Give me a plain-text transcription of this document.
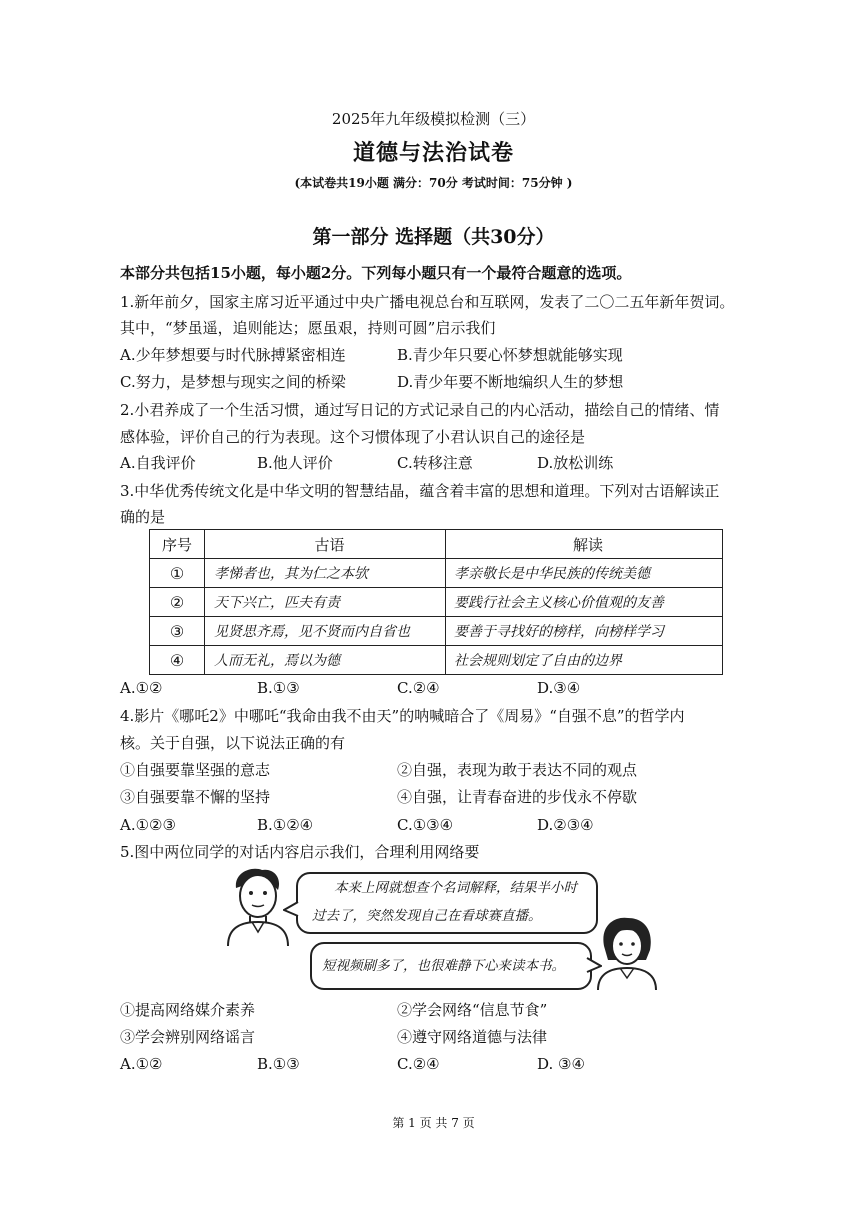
2025年九年级模拟检测（三）
道德与法治试卷
(本试卷共19小题 满分：70分 考试时间：75分钟 )
第一部分 选择题（共30分）
本部分共包括15小题，每小题2分。下列每小题只有一个最符合题意的选项。
1.新年前夕，国家主席习近平通过中央广播电视总台和互联网，发表了二〇二五年新年贺词。
其中，“梦虽遥，追则能达；愿虽艰，持则可圆”启示我们
A.少年梦想要与时代脉搏紧密相连	B.青少年只要心怀梦想就能够实现
C.努力，是梦想与现实之间的桥梁	D.青少年要不断地编织人生的梦想
2.小君养成了一个生活习惯，通过写日记的方式记录自己的内心活动，描绘自己的情绪、情
感体验，评价自己的行为表现。这个习惯体现了小君认识自己的途径是
A.自我评价	B.他人评价	C.转移注意	D.放松训练
3.中华优秀传统文化是中华文明的智慧结晶，蕴含着丰富的思想和道理。下列对古语解读正
确的是
序号	古语	解读
①	孝悌者也，其为仁之本欤	孝亲敬长是中华民族的传统美德
②	天下兴亡，匹夫有责	要践行社会主义核心价值观的友善
③	见贤思齐焉，见不贤而内自省也	要善于寻找好的榜样，向榜样学习
④	人而无礼，焉以为德	社会规则划定了自由的边界
A.①②	B.①③	C.②④	D.③④
4.影片《哪吒2》中哪吒“我命由我不由天”的呐喊暗合了《周易》“自强不息”的哲学内
核。关于自强，以下说法正确的有
①自强要靠坚强的意志	②自强，表现为敢于表达不同的观点
③自强要靠不懈的坚持	④自强，让青春奋进的步伐永不停歇
A.①②③	B.①②④	C.①③④	D.②③④
5.图中两位同学的对话内容启示我们，合理利用网络要
本来上网就想查个名词解释，结果半小时
过去了，突然发现自己在看球赛直播。
短视频刷多了，也很难静下心来读本书。
①提高网络媒介素养	②学会网络“信息节食”
③学会辨别网络谣言	④遵守网络道德与法律
A.①②	B.①③	C.②④	D. ③④
第 1 页 共 7 页
